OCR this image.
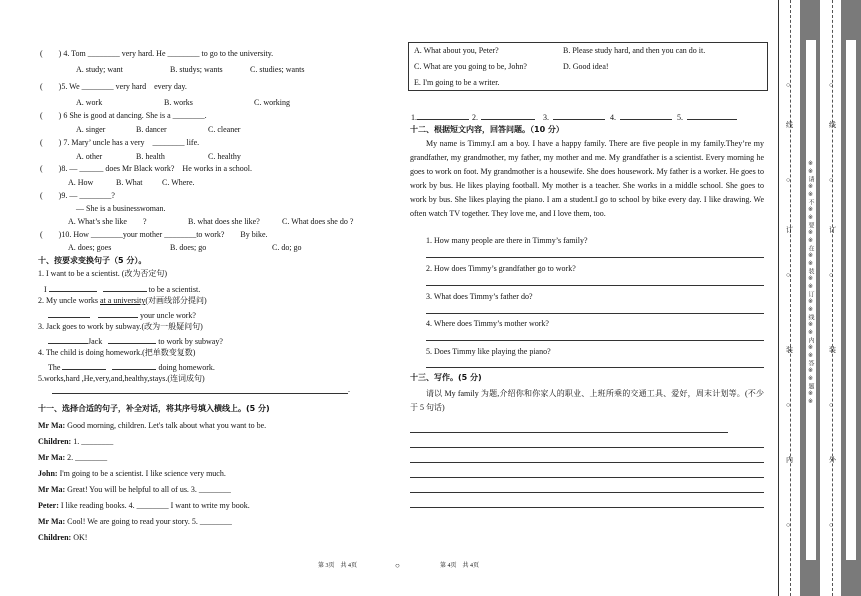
(　　) 4. Tom ________ very hard. He ________ to go to the university.
A. study; want	B. studys; wants	C. studies; wants
(　　)5. We ________ very hard　every day.
A. work	B. works	C. working
(　　) 6 She is good at dancing. She is a ________.
A. singer	B. dancer	C. cleaner
(　　) 7. Mary’ uncle has a very　________ life.
A. other	B. health	C. healthy
(　　)8. — ______ does Mr Black work?　He works in a school.
A. How	B. What C. Where.
(　　)9. — ________?
— She is a businesswoman.
A. What’s she like　　?	B. what does she like?	C. What does she do ?
(　　)10. How ________your mother ________to work?　　By bike.
A. does; goes	B. does; go	C. do; go
十、按要求变换句子（5 分）。
1. I want to be a scientist. (改为否定句)
I	to be a scientist.
2. My uncle works at a university(对画线部分提问)
your uncle work?
3. Jack goes to work by subway.(改为一般疑问句)
Jack	to work by subway?
4. The child is doing homework.(把单数变复数)
The	doing homework.
5.works,hard ,He,very,and,healthy,stays.(连词成句)
.
十一、选择合适的句子，补全对话，将其序号填入横线上。(5 分)
Mr Ma: Good morning, children. Let's talk about what you want to be.
Children: 1. ________
Mr Ma: 2. ________
John: I'm going to be a scientist. I like science very much.
Mr Ma: Great! You will be helpful to all of us. 3. ________
Peter: I like reading books. 4. ________ I want to write my book.
Mr Ma: Cool! We are going to read your story. 5. ________
Children: OK!
第 3页　共 4页	○
A. What about you, Peter?	B. Please study hard, and then you can do it.
C. What are you going to be, John?	D. Good idea!
E. I'm going to be a writer.
1.	2.	3.	4.	5.
十二、根据短文内容，回答问题。（10 分）
My name is Timmy.I am a boy. I have a happy family. There are five people in my family.They’re my grandfather, my grandmother, my father, my mother and me. My grandfather is a scientist. Every morning he goes to work on foot. My grandmother is a housewife. She does housework. My father is a worker. He goes to work by bus. He likes playing football. My mother is a teacher. She works in a middle school. She goes to work by bus. She likes playing the piano. I am a student.I go to school by bike every day. I like drawing. We often watch TV together. They love me, and I love them, too.
1. How many people are there in Timmy’s family?
2. How does Timmy’s grandfather go to work?
3. What does Timmy’s father do?
4. Where does Timmy’s mother work?
5. Does Timmy like playing the piano?
十三、写作。(5 分)
请以 My family 为题,介绍你和你家人的职业、上班所乘的交通工具、爱好，周末计划等。(不少于 5 句话)
第 4页　共 4页
※※请※※不※※要※※在※※装※※订※※线※※内※※答※※题※※
○
线
○
订
○
装
○
内
○
○
线
○
订
○
装
○
外
○
